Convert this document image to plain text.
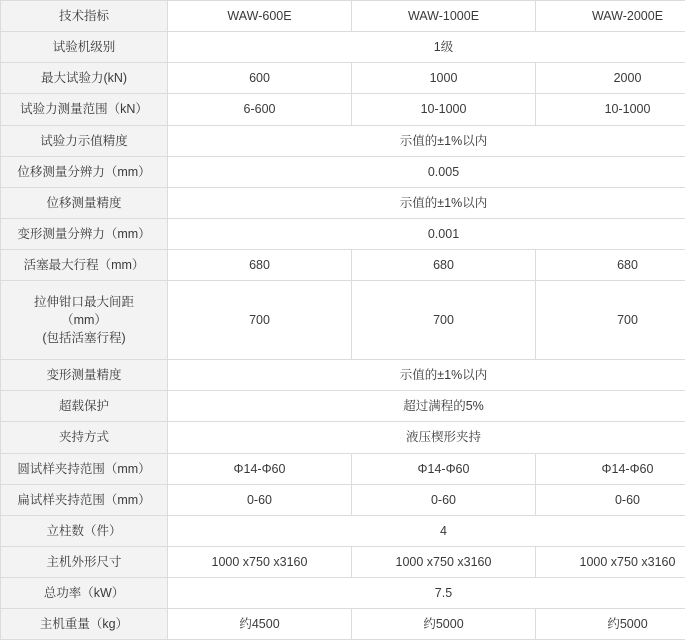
技术指标	WAW-600E	WAW-1000E	WAW-2000E
试验机级别	1级		
最大试验力(kN)	600	1000	2000
试验力测量范围（kN）	6-600	10-1000	10-1000
试验力示值精度	示值的±1%以内		
位移测量分辨力（mm）	0.005		
位移测量精度	示值的±1%以内		
变形测量分辨力（mm）	0.001		
活塞最大行程（mm）	680	680	680

拉伸钳口最大间距
（mm）
(包括活塞行程)	700	700	700
变形测量精度	示值的±1%以内		
超载保护	超过满程的5%		
夹持方式	液压楔形夹持		
圆试样夹持范围（mm）	Φ14-Φ60	Φ14-Φ60	Φ14-Φ60
扁试样夹持范围（mm）	0-60	0-60	0-60
立柱数（件）	4		
主机外形尺寸	1000 x750 x3160	1000 x750 x3160	1000 x750 x3160
总功率（kW）	7.5		
主机重量（kg）	约4500	约5000	约5000
